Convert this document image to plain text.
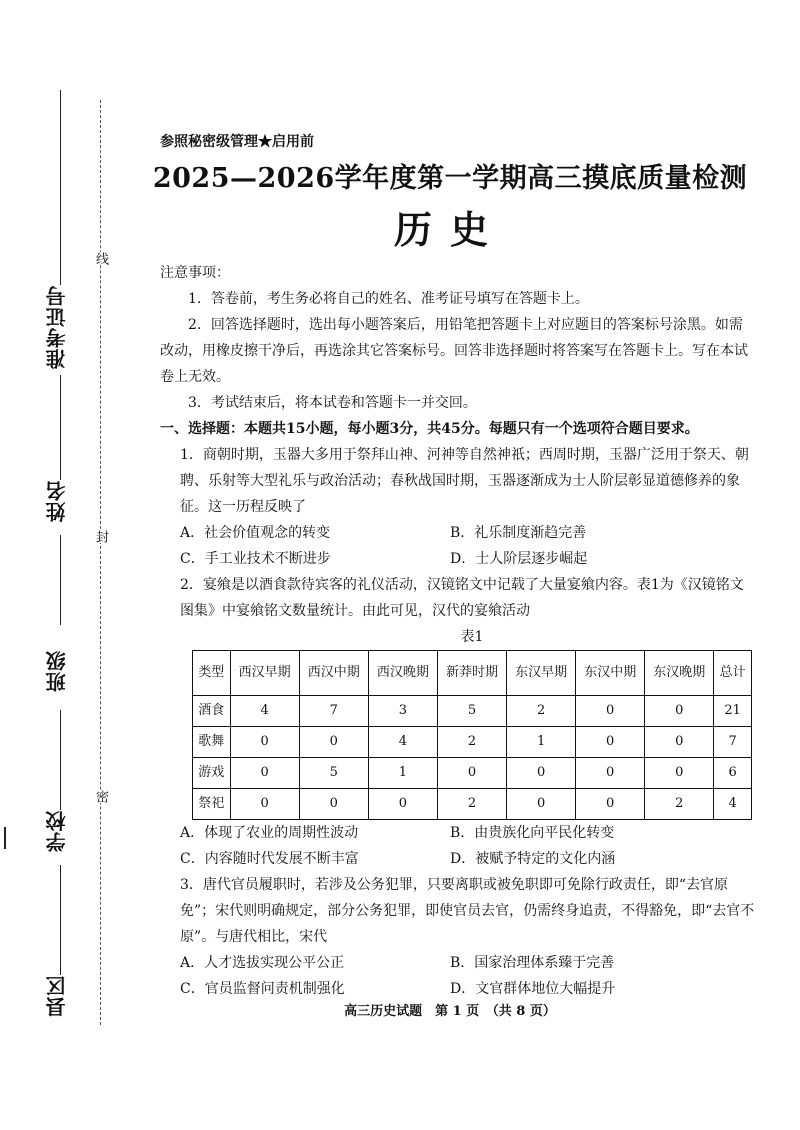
准考证号
姓名
班级
学校
县区
线
封
密
参照秘密级管理★启用前
2025—2026学年度第一学期高三摸底质量检测
历史

注意事项：

1．答卷前，考生务必将自己的姓名、准考证号填写在答题卡上。

2．回答选择题时，选出每小题答案后，用铅笔把答题卡上对应题目的答案标号涂黑。如需改动，用橡皮擦干净后，再选涂其它答案标号。回答非选择题时将答案写在答题卡上。写在本试卷上无效。

3．考试结束后，将本试卷和答题卡一并交回。

一、选择题：本题共15小题，每小题3分，共45分。每题只有一个选项符合题目要求。

1．商朝时期，玉器大多用于祭拜山神、河神等自然神祇；西周时期，玉器广泛用于祭天、朝聘、乐射等大型礼乐与政治活动；春秋战国时期，玉器逐渐成为士人阶层彰显道德修养的象征。这一历程反映了

A．社会价值观念的转变	B．礼乐制度渐趋完善
C．手工业技术不断进步	D．士人阶层逐步崛起

2．宴飨是以酒食款待宾客的礼仪活动，汉镜铭文中记载了大量宴飨内容。表1为《汉镜铭文图集》中宴飨铭文数量统计。由此可见，汉代的宴飨活动

表1
类型	西汉早期	西汉中期	西汉晚期	新莽时期	东汉早期	东汉中期	东汉晚期	总计
酒食	4	7	3	5	2	0	0	21
歌舞	0	0	4	2	1	0	0	7
游戏	0	5	1	0	0	0	0	6
祭祀	0	0	0	2	0	0	2	4
A．体现了农业的周期性波动	B．由贵族化向平民化转变
C．内容随时代发展不断丰富	D．被赋予特定的文化内涵

3．唐代官员履职时，若涉及公务犯罪，只要离职或被免职即可免除行政责任，即“去官原免”；宋代则明确规定，部分公务犯罪，即使官员去官，仍需终身追责，不得豁免，即“去官不原”。与唐代相比，宋代

A．人才选拔实现公平公正	B．国家治理体系臻于完善
C．官员监督问责机制强化	D．文官群体地位大幅提升
高三历史试题　第 1 页　（共 8 页）
